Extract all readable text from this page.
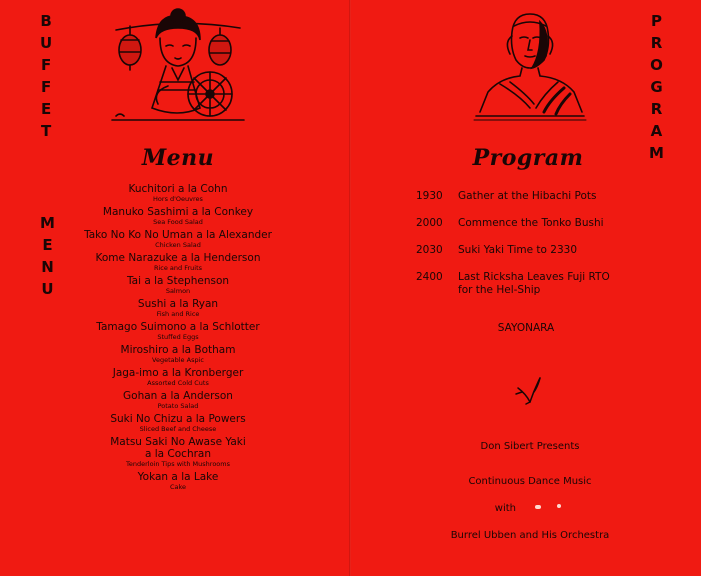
B
U
F
F
E
T
M
E
N
U
P
R
O
G
R
A
M
Menu	Program
Kuchitori a la Cohn
Hors d'Oeuvres
Manuko Sashimi a la Conkey
Sea Food Salad
Tako No Ko No Uman a la Alexander
Chicken Salad
Kome Narazuke a la Henderson
Rice and Fruits
Tai a la Stephenson
Salmon
Sushi a la Ryan
Fish and Rice
Tamago Suimono a la Schlotter
Stuffed Eggs
Miroshiro a la Botham
Vegetable Aspic
Jaga-imo a la Kronberger
Assorted Cold Cuts
Gohan a la Anderson
Potato Salad
Suki No Chizu a la Powers
Sliced Beef and Cheese
Matsu Saki No Awase Yaki
a la Cochran
Tenderloin Tips with Mushrooms
Yokan a la Lake
Cake
1930	Gather at the Hibachi Pots
2000	Commence the Tonko Bushi
2030	Suki Yaki Time to 2330
2400	Last Ricksha Leaves Fuji RTO
for the Hel-Ship
SAYONARA
Don Sibert Presents
Continuous Dance Music
with
Burrel Ubben and His Orchestra
